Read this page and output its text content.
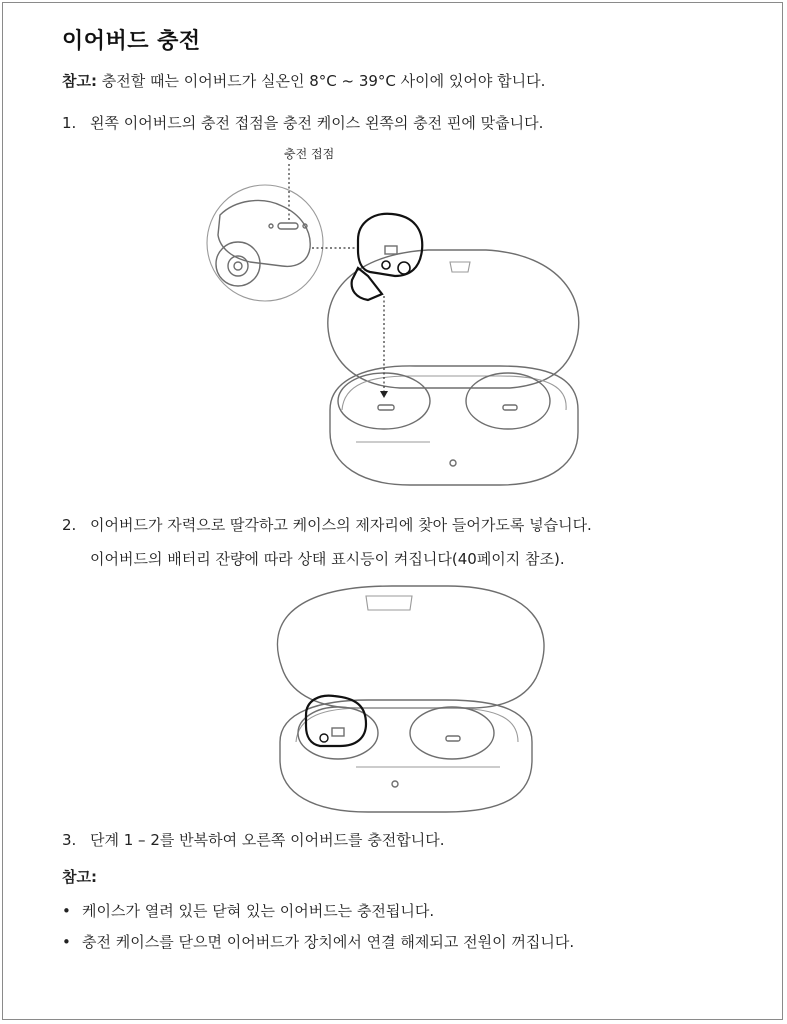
이어버드 충전
참고: 충전할 때는 이어버드가 실온인 8°C ~ 39°C 사이에 있어야 합니다.
1. 왼쪽 이어버드의 충전 접점을 충전 케이스 왼쪽의 충전 핀에 맞춥니다.
충전 접점
2. 이어버드가 자력으로 딸각하고 케이스의 제자리에 찾아 들어가도록 넣습니다.
이어버드의 배터리 잔량에 따라 상태 표시등이 켜집니다(40페이지 참조).
3. 단계 1 – 2를 반복하여 오른쪽 이어버드를 충전합니다.
참고:
• 케이스가 열려 있든 닫혀 있는 이어버드는 충전됩니다.
• 충전 케이스를 닫으면 이어버드가 장치에서 연결 해제되고 전원이 꺼집니다.
